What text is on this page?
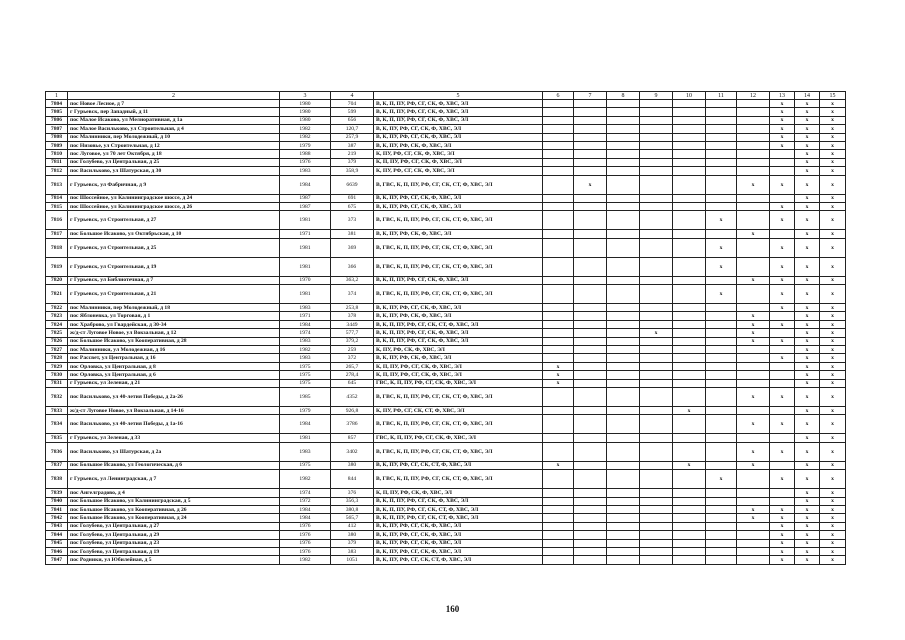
1	2	3	4	5	6	7	8	9	10	11	12	13	14	15
7804	пос Новое Лесное, д 7	1980	704	В, К, П, ПУ, РФ, СГ, СК, Ф, ХВС, ЭЛ								x	x	x
7805	г Гурьевск, пер Западный, д 11	1980	599	В, К, П, ПУ, РФ, СГ, СК, Ф, ХВС, ЭЛ								x	x	x
7806	пос Малое Исаково, ул Мелиоративная, д 1а	1980	656	В, К, П, ПУ, РФ, СГ, СК, Ф, ХВС, ЭЛ								x	x	x
7807	пос Малое Васильково, ул Строительная, д 4	1982	120,7	В, К, ПУ, РФ, СГ, СК, Ф, ХВС, ЭЛ								x	x	x
7808	пос Малинники, пер Молодежный, д 10	1982	257,9	В, К, ПУ, РФ, СГ, СК, Ф, ХВС, ЭЛ								x	x	x
7809	пос Низовье, ул Строительная, д 12	1979	387	В, К, ПУ, РФ, СК, Ф, ХВС, ЭЛ								x	x	x
7810	пос Луговое, ул 70 лет Октября, д 18	1988	219	К, ПУ, РФ, СГ, СК, Ф, ХВС, ЭЛ									x	x
7811	пос Голубево, ул Центральная, д 25	1976	379	К, П, ПУ, РФ, СГ, СК, Ф, ХВС, ЭЛ									x	x
7812	пос Васильково, ул Шатурская, д 30	1983	358,9	К, ПУ, РФ, СГ, СК, Ф, ХВС, ЭЛ									x	x
7813	г Гурьевск, ул Фабричная, д 9	1984	6639	В, ГВС, К, П, ПУ, РФ, СГ, СК, СТ, Ф, ХВС, ЭЛ		x					x	x	x	x
7814	пос Шоссейное, ул Калининградское шоссе, д 24	1987	691	В, К, ПУ, РФ, СГ, СК, Ф, ХВС, ЭЛ									x	x
7815	пос Шоссейное, ул Калининградское шоссе, д 26	1987	675	В, К, ПУ, РФ, СГ, СК, Ф, ХВС, ЭЛ								x	x	x
7816	г Гурьевск, ул Строительная, д 27	1981	373	В, ГВС, К, П, ПУ, РФ, СГ, СК, СТ, Ф, ХВС, ЭЛ						x		x	x	x
7817	пос Большое Исаково, ул Октябрьская, д 10	1971	381	В, К, ПУ, РФ, СК, Ф, ХВС, ЭЛ							x		x	x
7818	г Гурьевск, ул Строительная, д 25	1981	369	В, ГВС, К, П, ПУ, РФ, СГ, СК, СТ, Ф, ХВС, ЭЛ						x		x	x	x
7819	г Гурьевск, ул Строительная, д 19	1981	366	В, ГВС, К, П, ПУ, РФ, СГ, СК, СТ, Ф, ХВС, ЭЛ						x		x	x	x
7820	г Гурьевск, ул Библиотечная, д 7	1970	363,2	В, К, П, ПУ, РФ, СГ, СК, Ф, ХВС, ЭЛ							x	x	x	x
7821	г Гурьевск, ул Строительная, д 21	1981	374	В, ГВС, К, П, ПУ, РФ, СГ, СК, СТ, Ф, ХВС, ЭЛ						x		x	x	x
7822	пос Малинники, пер Молодежный, д 18	1983	253,8	В, К, ПУ, РФ, СГ, СК, Ф, ХВС, ЭЛ								x	x	x
7823	пос Яблоневка, ул Торговая, д 1	1971	378	В, К, ПУ, РФ, СК, Ф, ХВС, ЭЛ							x		x	x
7824	пос Храброво, ул Гвардейская, д 30-34	1984	3449	В, К, П, ПУ, РФ, СГ, СК, СТ, Ф, ХВС, ЭЛ							x	x	x	x
7825	ж/д-ст Луговое Новое, ул Вокзальная, д 12	1974	577,7	В, К, П, ПУ, РФ, СГ, СК, Ф, ХВС, ЭЛ				x			x		x	x
7826	пос Большое Исаково, ул Кооперативная, д 28	1983	379,2	В, К, П, ПУ, РФ, СГ, СК, Ф, ХВС, ЭЛ							x	x	x	x
7827	пос Малинники, ул Молодежная, д 16	1982	259	К, ПУ, РФ, СК, Ф, ХВС, ЭЛ									x	x
7828	пос Рассвет, ул Центральная, д 16	1983	372	В, К, ПУ, РФ, СК, Ф, ХВС, ЭЛ								x	x	x
7829	пос Орловка, ул Центральная, д 8	1975	265,7	К, П, ПУ, РФ, СГ, СК, Ф, ХВС, ЭЛ	x								x	x
7830	пос Орловка, ул Центральная, д 6	1975	278,4	К, П, ПУ, РФ, СГ, СК, Ф, ХВС, ЭЛ	x								x	x
7831	г Гурьевск, ул Зеленая, д 21	1975	645	ГВС, К, П, ПУ, РФ, СГ, СК, Ф, ХВС, ЭЛ	x								x	x
7832	пос Васильково, ул 40-летия Победы, д 2а-26	1985	4352	В, ГВС, К, П, ПУ, РФ, СГ, СК, СТ, Ф, ХВС, ЭЛ							x	x	x	x
7833	ж/д-ст Луговое Новое, ул Вокзальная, д 14-16	1979	926,8	К, ПУ, РФ, СГ, СК, СТ, Ф, ХВС, ЭЛ					x				x	x
7834	пос Васильково, ул 40-летия Победы, д 1а-16	1984	3786	В, ГВС, К, П, ПУ, РФ, СГ, СК, СТ, Ф, ХВС, ЭЛ							x	x	x	x
7835	г Гурьевск, ул Зеленая, д 33	1981	857	ГВС, К, П, ПУ, РФ, СГ, СК, Ф, ХВС, ЭЛ									x	x
7836	пос Васильково, ул Шатурская, д 2а	1983	3402	В, ГВС, К, П, ПУ, РФ, СГ, СК, СТ, Ф, ХВС, ЭЛ							x	x	x	x
7837	пос Большое Исаково, ул Геологическая, д 6	1975	380	В, К, ПУ, РФ, СГ, СК, СТ, Ф, ХВС, ЭЛ	x				x		x		x	x
7838	г Гурьевск, ул Ленинградская, д 7	1982	844	В, ГВС, К, П, ПУ, РФ, СГ, СК, СТ, Ф, ХВС, ЭЛ						x		x	x	x
7839	пос Ангелградово, д 4	1974	376	К, П, ПУ, РФ, СК, Ф, ХВС, ЭЛ									x	x
7840	пос Большое Исаково, ул Калининградская, д 5	1972	356,3	В, К, П, ПУ, РФ, СГ, СК, Ф, ХВС, ЭЛ									x	x
7841	пос Большое Исаково, ул Кооперативная, д 26	1984	380,8	В, К, П, ПУ, РФ, СГ, СК, СТ, Ф, ХВС, ЭЛ							x	x	x	x
7842	пос Большое Исаково, ул Кооперативная, д 24	1984	565,7	В, К, П, ПУ, РФ, СГ, СК, СТ, Ф, ХВС, ЭЛ							x	x	x	x
7843	пос Голубево, ул Центральная, д 27	1976	412	В, К, ПУ, РФ, СГ, СК, Ф, ХВС, ЭЛ								x	x	x
7844	пос Голубево, ул Центральная, д 29	1976	380	В, К, ПУ, РФ, СГ, СК, Ф, ХВС, ЭЛ								x	x	x
7845	пос Голубево, ул Центральная, д 23	1976	379	В, К, ПУ, РФ, СГ, СК, Ф, ХВС, ЭЛ								x	x	x
7846	пос Голубево, ул Центральная, д 19	1976	383	В, К, ПУ, РФ, СГ, СК, Ф, ХВС, ЭЛ								x	x	x
7847	пос Родники, ул Юбилейная, д 5	1982	1051	В, К, ПУ, РФ, СГ, СК, СТ, Ф, ХВС, ЭЛ								x	x	x
160
